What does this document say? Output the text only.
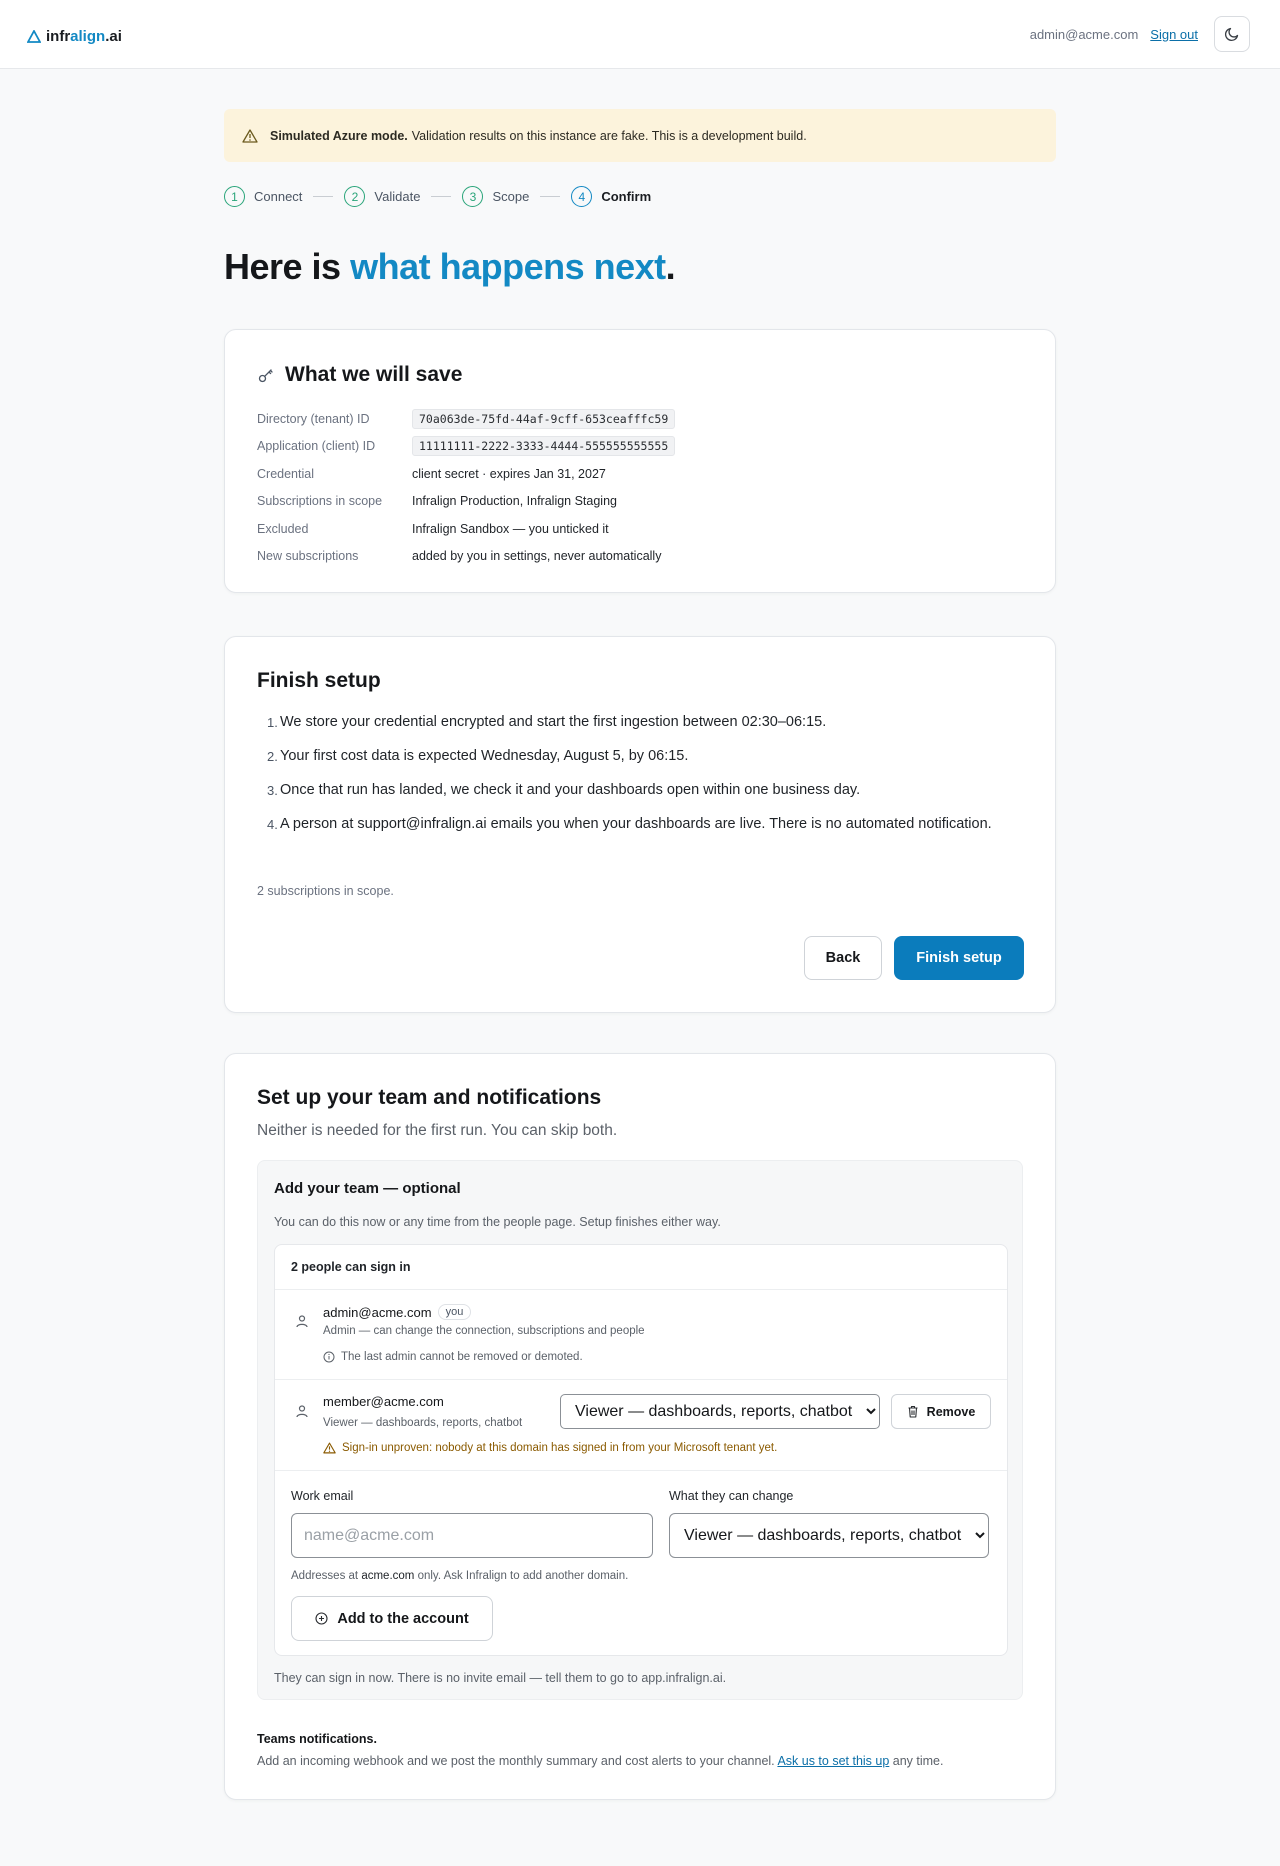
infralign.ai	admin@acme.com Sign out
Simulated Azure mode. Validation results on this instance are fake. This is a development build.
1	Connect	2	Validate	3	Scope	4	Confirm
Here is what happens next.
What we will save
Directory (tenant) ID	70a063de-75fd-44af-9cff-653ceafffc59
Application (client) ID	11111111-2222-3333-4444-555555555555
Credential	client secret · expires Jan 31, 2027
Subscriptions in scope	Infralign Production, Infralign Staging
Excluded	Infralign Sandbox — you unticked it
New subscriptions	added by you in settings, never automatically
Finish setup
1. We store your credential encrypted and start the first ingestion between 02:30–06:15.
2. Your first cost data is expected Wednesday, August 5, by 06:15.
3. Once that run has landed, we check it and your dashboards open within one business day.
4. A person at support@infralign.ai emails you when your dashboards are live. There is no automated notification.
2 subscriptions in scope.
Back	Finish setup
Set up your team and notifications
Neither is needed for the first run. You can skip both.
Add your team — optional
You can do this now or any time from the people page. Setup finishes either way.
2 people can sign in
admin@acme.com	you
Admin — can change the connection, subscriptions and people
The last admin cannot be removed or demoted.
member@acme.com
Viewer — dashboards, reports, chatbot
Viewer — dashboards, reports, chatbot
Remove
Sign-in unproven: nobody at this domain has signed in from your Microsoft tenant yet.
Work email	What they can change
name@acme.com
Viewer — dashboards, reports, chatbot
Addresses at acme.com only. Ask Infralign to add another domain.
Add to the account
They can sign in now. There is no invite email — tell them to go to app.infralign.ai.
Teams notifications.
Add an incoming webhook and we post the monthly summary and cost alerts to your channel. Ask us to set this up any time.
